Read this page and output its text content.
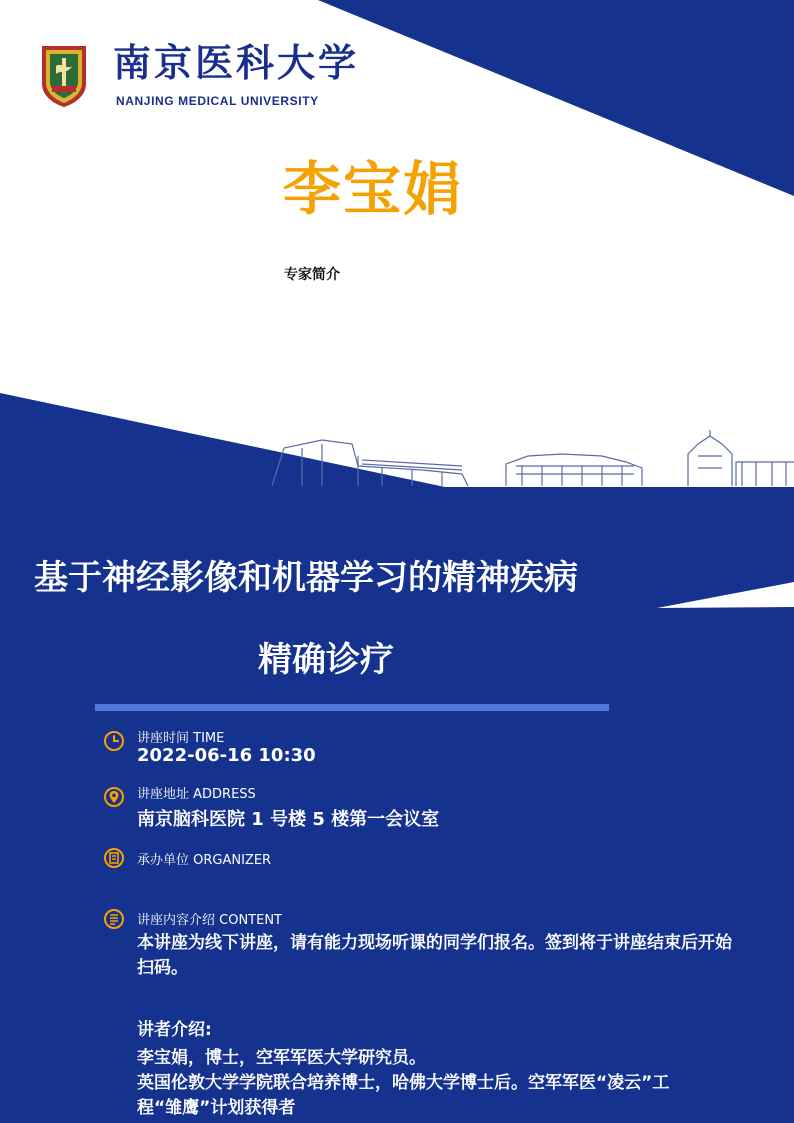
南京医科大学
NANJING MEDICAL UNIVERSITY
李宝娟
专家简介
基于神经影像和机器学习的精神疾病
精确诊疗
讲座时间 TIME
2022-06-16 10:30
讲座地址 ADDRESS
南京脑科医院 1 号楼 5 楼第一会议室
承办单位 ORGANIZER
讲座内容介绍 CONTENT

本讲座为线下讲座，请有能力现场听课的同学们报名。签到将于讲座结束后开始扫码。

讲者介绍:
李宝娟，博士，空军军医大学研究员。
英国伦敦大学学院联合培养博士，哈佛大学博士后。空军军医“凌云”工
程“雏鹰”计划获得者
